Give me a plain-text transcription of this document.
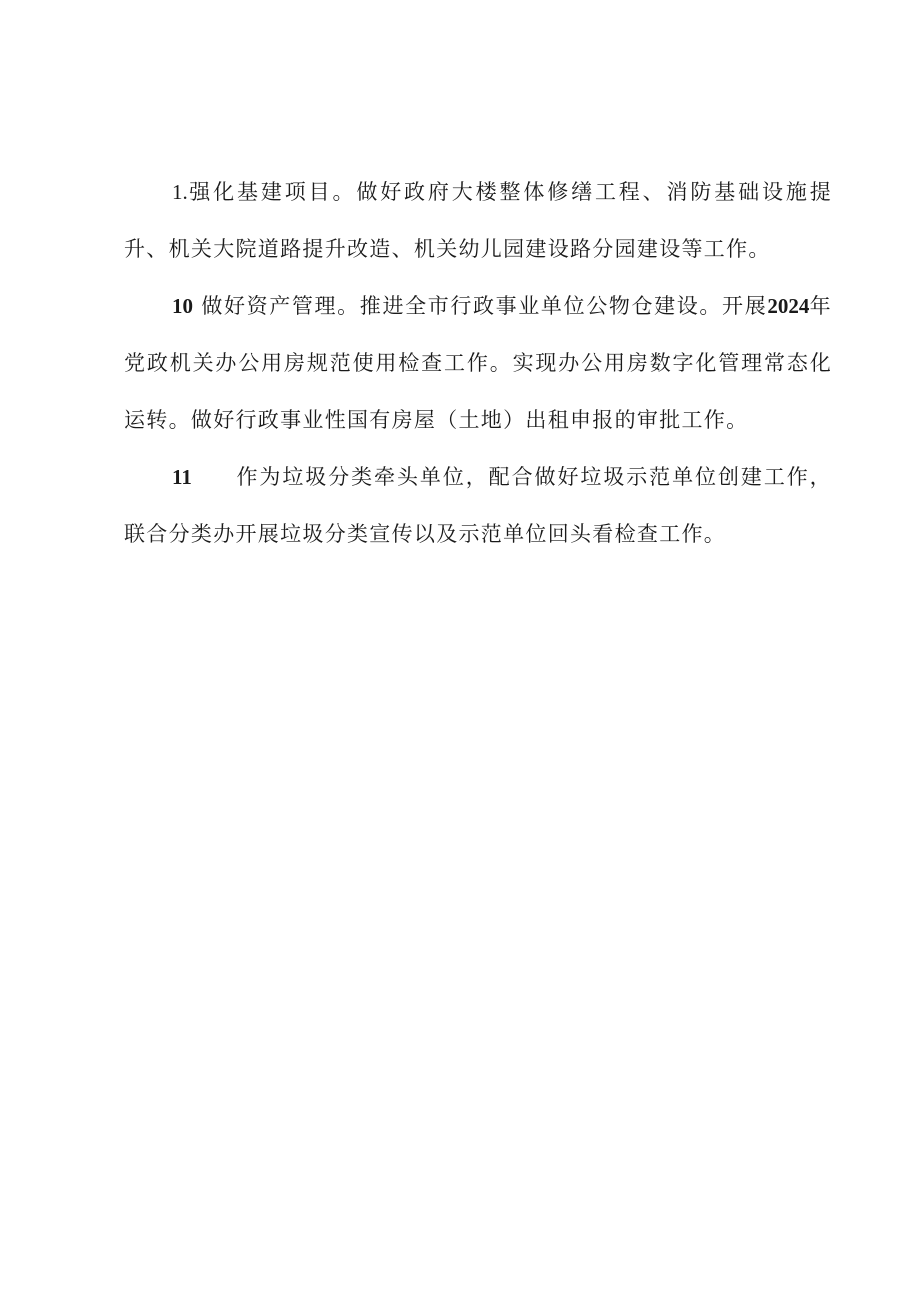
1.强化基建项目。做好政府大楼整体修缮工程、消防基础设施提升、机关大院道路提升改造、机关幼儿园建设路分园建设等工作。

10 做好资产管理。推进全市行政事业单位公物仓建设。开展2024年党政机关办公用房规范使用检查工作。实现办公用房数字化管理常态化运转。做好行政事业性国有房屋（土地）出租申报的审批工作。

11 作为垃圾分类牵头单位，配合做好垃圾示范单位创建工作，联合分类办开展垃圾分类宣传以及示范单位回头看检查工作。
